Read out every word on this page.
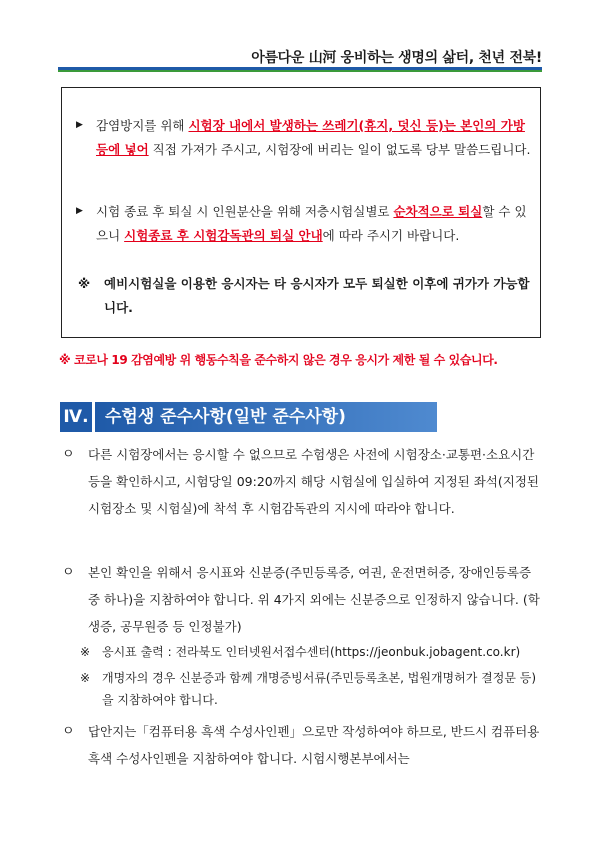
아름다운 山河 웅비하는 생명의 삶터, 천년 전북!
▶ 감염방지를 위해 시험장 내에서 발생하는 쓰레기(휴지, 덧신 등)는 본인의 가방 등에 넣어 직접 가져가 주시고, 시험장에 버리는 일이 없도록 당부 말씀드립니다.
▶ 시험 종료 후 퇴실 시 인원분산을 위해 저층시험실별로 순차적으로 퇴실할 수 있으니 시험종료 후 시험감독관의 퇴실 안내에 따라 주시기 바랍니다.
※ 예비시험실을 이용한 응시자는 타 응시자가 모두 퇴실한 이후에 귀가가 가능합니다.
※ 코로나 19 감염예방 위 행동수칙을 준수하지 않은 경우 응시가 제한 될 수 있습니다.
Ⅳ. 수험생 준수사항(일반 준수사항)
ㅇ 다른 시험장에서는 응시할 수 없으므로 수험생은 사전에 시험장소·교통편·소요시간 등을 확인하시고, 시험당일 09:20까지 해당 시험실에 입실하여 지정된 좌석(지정된 시험장소 및 시험실)에 착석 후 시험감독관의 지시에 따라야 합니다.
ㅇ 본인 확인을 위해서 응시표와 신분증(주민등록증, 여권, 운전면허증, 장애인등록증 중 하나)을 지참하여야 합니다. 위 4가지 외에는 신분증으로 인정하지 않습니다. (학생증, 공무원증 등 인정불가)
※ 응시표 출력 : 전라북도 인터넷원서접수센터(https://jeonbuk.jobagent.co.kr)
※ 개명자의 경우 신분증과 함께 개명증빙서류(주민등록초본, 법원개명허가 결정문 등)을 지참하여야 합니다.
ㅇ 답안지는「컴퓨터용 흑색 수성사인펜」으로만 작성하여야 하므로, 반드시 컴퓨터용 흑색 수성사인펜을 지참하여야 합니다. 시험시행본부에서는
